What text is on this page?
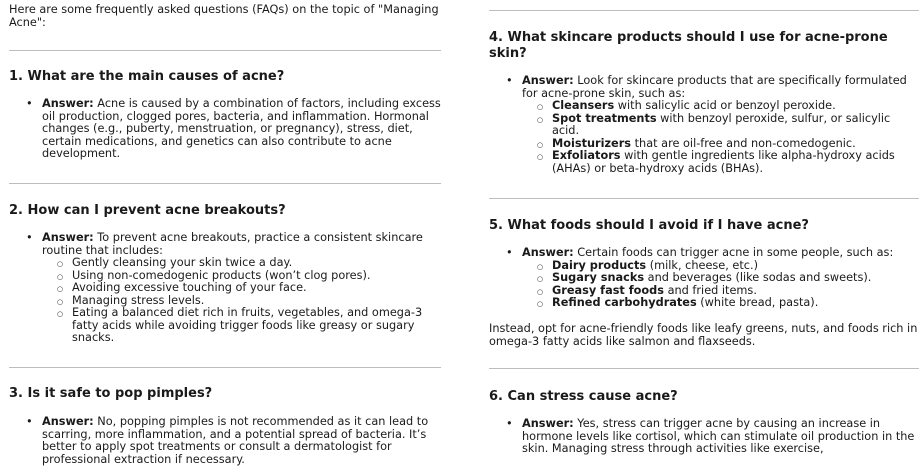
Here are some frequently asked questions (FAQs) on the topic of "Managing Acne":

1. What are the main causes of acne?
• Answer: Acne is caused by a combination of factors, including excess oil production, clogged pores, bacteria, and inflammation. Hormonal changes (e.g., puberty, menstruation, or pregnancy), stress, diet, certain medications, and genetics can also contribute to acne development.
2. How can I prevent acne breakouts?
• Answer: To prevent acne breakouts, practice a consistent skincare routine that includes:
○ Gently cleansing your skin twice a day.
○ Using non-comedogenic products (won’t clog pores).
○ Avoiding excessive touching of your face.
○ Managing stress levels.
○ Eating a balanced diet rich in fruits, vegetables, and omega-3 fatty acids while avoiding trigger foods like greasy or sugary snacks.
3. Is it safe to pop pimples?
• Answer: No, popping pimples is not recommended as it can lead to scarring, more inflammation, and a potential spread of bacteria. It’s better to apply spot treatments or consult a dermatologist for professional extraction if necessary.
4. What skincare products should I use for acne-prone skin?
• Answer: Look for skincare products that are specifically formulated for acne-prone skin, such as:
○ Cleansers with salicylic acid or benzoyl peroxide.
○ Spot treatments with benzoyl peroxide, sulfur, or salicylic acid.
○ Moisturizers that are oil-free and non-comedogenic.
○ Exfoliators with gentle ingredients like alpha-hydroxy acids (AHAs) or beta-hydroxy acids (BHAs).
5. What foods should I avoid if I have acne?
• Answer: Certain foods can trigger acne in some people, such as:
○ Dairy products (milk, cheese, etc.)
○ Sugary snacks and beverages (like sodas and sweets).
○ Greasy fast foods and fried items.
○ Refined carbohydrates (white bread, pasta).

Instead, opt for acne-friendly foods like leafy greens, nuts, and foods rich in omega-3 fatty acids like salmon and flaxseeds.

6. Can stress cause acne?
• Answer: Yes, stress can trigger acne by causing an increase in hormone levels like cortisol, which can stimulate oil production in the skin. Managing stress through activities like exercise,
